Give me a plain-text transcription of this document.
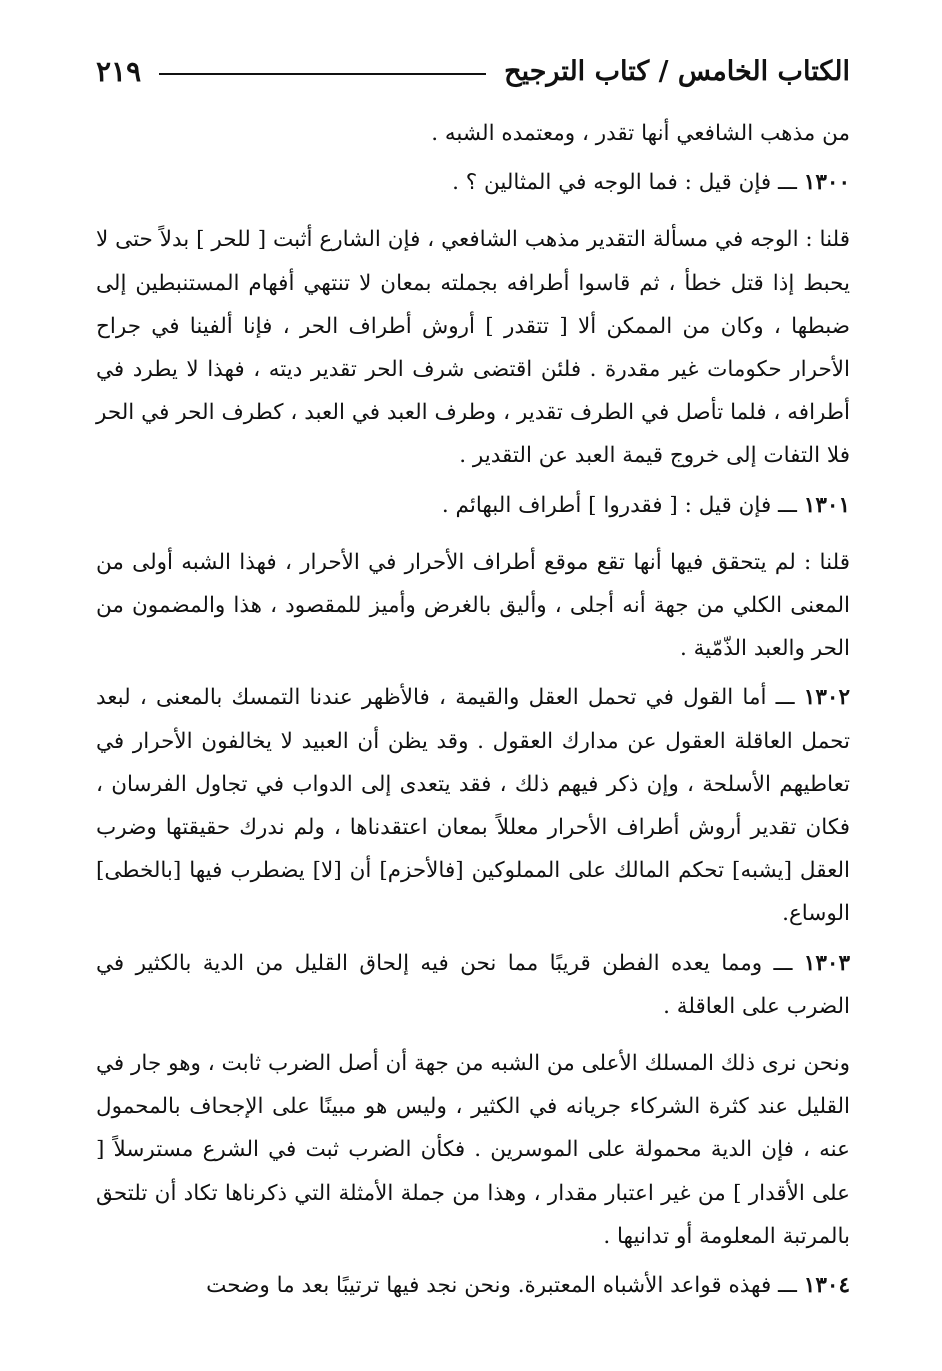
الكتاب الخامس / كتاب الترجيح
٢١٩

من مذهب الشافعي أنها تقدر ، ومعتمده الشبه .

١٣٠٠ ـــ فإن قيل : فما الوجه في المثالين ؟ .

قلنا : الوجه في مسألة التقدير مذهب الشافعي ، فإن الشارع أثبت [ للحر ] بدلاً حتى لا يحبط إذا قتل خطأ ، ثم قاسوا أطرافه بجملته بمعان لا تنتهي أفهام المستنبطين إلى ضبطها ، وكان من الممكن ألا [ تتقدر ] أروش أطراف الحر ، فإنا ألفينا في جراح الأحرار حكومات غير مقدرة . فلئن اقتضى شرف الحر تقدير ديته ، فهذا لا يطرد في أطرافه ، فلما تأصل في الطرف تقدير ، وطرف العبد في العبد ، كطرف الحر في الحر فلا التفات إلى خروج قيمة العبد عن التقدير .

١٣٠١ ـــ فإن قيل : [ فقدروا ] أطراف البهائم .

قلنا : لم يتحقق فيها أنها تقع موقع أطراف الأحرار في الأحرار ، فهذا الشبه أولى من المعنى الكلي من جهة أنه أجلى ، وأليق بالغرض وأميز للمقصود ، هذا والمضمون من الحر والعبد الذّمّية .

١٣٠٢ ـــ أما القول في تحمل العقل والقيمة ، فالأظهر عندنا التمسك بالمعنى ، لبعد تحمل العاقلة العقول عن مدارك العقول . وقد يظن أن العبيد لا يخالفون الأحرار في تعاطيهم الأسلحة ، وإن ذكر فيهم ذلك ، فقد يتعدى إلى الدواب في تجاول الفرسان ، فكان تقدير أروش أطراف الأحرار معللاً بمعان اعتقدناها ، ولم ندرك حقيقتها وضرب العقل [يشبه] تحكم المالك على المملوكين [فالأحزم] أن [لا] يضطرب فيها [بالخطى] الوساع.

١٣٠٣ ـــ ومما يعده الفطن قريبًا مما نحن فيه إلحاق القليل من الدية بالكثير في الضرب على العاقلة .

ونحن نرى ذلك المسلك الأعلى من الشبه من جهة أن أصل الضرب ثابت ، وهو جار في القليل عند كثرة الشركاء جريانه في الكثير ، وليس هو مبينًا على الإجحاف بالمحمول عنه ، فإن الدية محمولة على الموسرين . فكأن الضرب ثبت في الشرع مسترسلاً [ على الأقدار ] من غير اعتبار مقدار ، وهذا من جملة الأمثلة التي ذكرناها تكاد أن تلتحق بالمرتبة المعلومة أو تدانيها .

١٣٠٤ ـــ فهذه قواعد الأشباه المعتبرة. ونحن نجد فيها ترتيبًا بعد ما وضحت
